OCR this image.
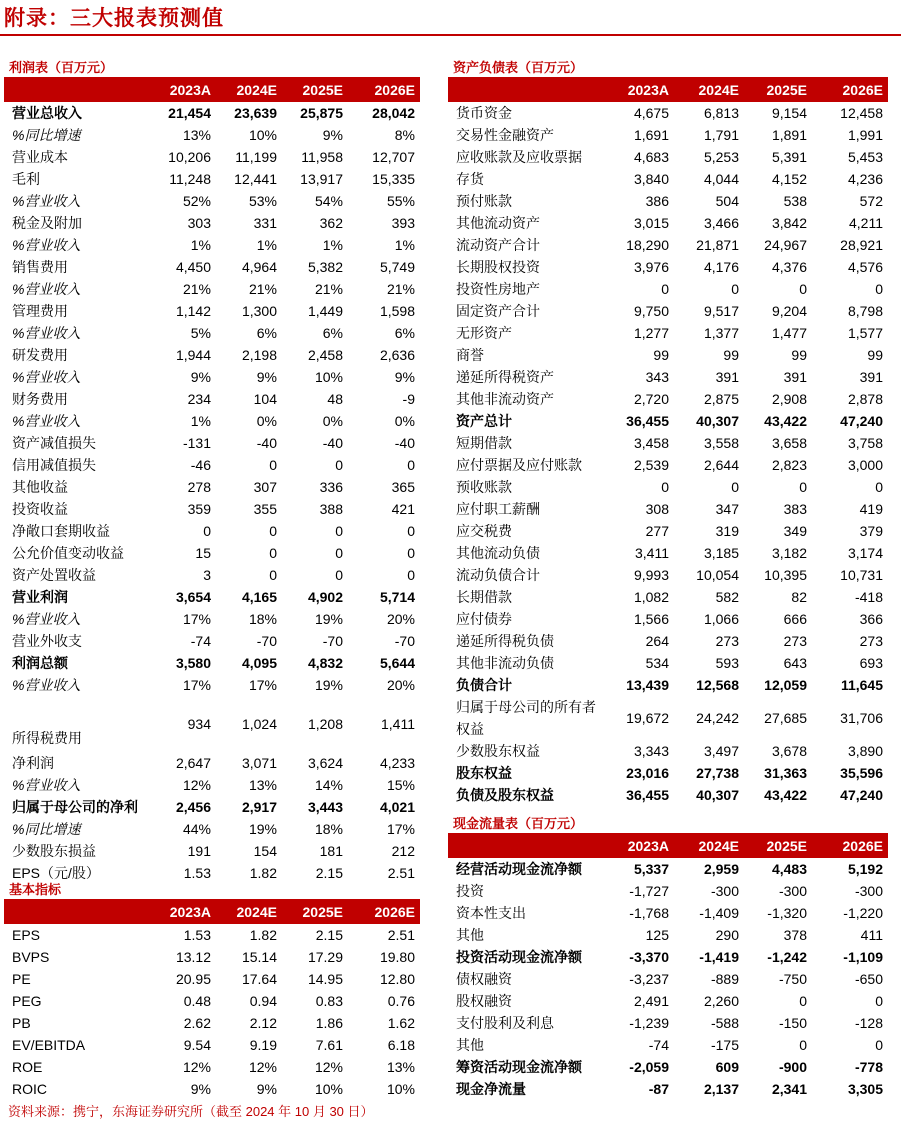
附录：三大报表预测值
利润表（百万元）
	2023A	2024E	2025E	2026E
营业总收入	21,454	23,639	25,875	28,042
%同比增速	13%	10%	9%	8%
营业成本	10,206	11,199	11,958	12,707
毛利	11,248	12,441	13,917	15,335
%营业收入	52%	53%	54%	55%
税金及附加	303	331	362	393
%营业收入	1%	1%	1%	1%
销售费用	4,450	4,964	5,382	5,749
%营业收入	21%	21%	21%	21%
管理费用	1,142	1,300	1,449	1,598
%营业收入	5%	6%	6%	6%
研发费用	1,944	2,198	2,458	2,636
%营业收入	9%	9%	10%	9%
财务费用	234	104	48	-9
%营业收入	1%	0%	0%	0%
资产减值损失	-131	-40	-40	-40
信用减值损失	-46	0	0	0
其他收益	278	307	336	365
投资收益	359	355	388	421
净敞口套期收益	0	0	0	0
公允价值变动收益	15	0	0	0
资产处置收益	3	0	0	0
营业利润	3,654	4,165	4,902	5,714
%营业收入	17%	18%	19%	20%
营业外收支	-74	-70	-70	-70
利润总额	3,580	4,095	4,832	5,644
%营业收入	17%	17%	19%	20%
所得税费用	934	1,024	1,208	1,411
净利润	2,647	3,071	3,624	4,233
%营业收入	12%	13%	14%	15%
归属于母公司的净利	2,456	2,917	3,443	4,021
%同比增速	44%	19%	18%	17%
少数股东损益	191	154	181	212
EPS（元/股）	1.53	1.82	2.15	2.51
基本指标
	2023A	2024E	2025E	2026E
EPS	1.53	1.82	2.15	2.51
BVPS	13.12	15.14	17.29	19.80
PE	20.95	17.64	14.95	12.80
PEG	0.48	0.94	0.83	0.76
PB	2.62	2.12	1.86	1.62
EV/EBITDA	9.54	9.19	7.61	6.18
ROE	12%	12%	12%	13%
ROIC	9%	9%	10%	10%
资产负债表（百万元）
	2023A	2024E	2025E	2026E
货币资金	4,675	6,813	9,154	12,458
交易性金融资产	1,691	1,791	1,891	1,991
应收账款及应收票据	4,683	5,253	5,391	5,453
存货	3,840	4,044	4,152	4,236
预付账款	386	504	538	572
其他流动资产	3,015	3,466	3,842	4,211
流动资产合计	18,290	21,871	24,967	28,921
长期股权投资	3,976	4,176	4,376	4,576
投资性房地产	0	0	0	0
固定资产合计	9,750	9,517	9,204	8,798
无形资产	1,277	1,377	1,477	1,577
商誉	99	99	99	99
递延所得税资产	343	391	391	391
其他非流动资产	2,720	2,875	2,908	2,878
资产总计	36,455	40,307	43,422	47,240
短期借款	3,458	3,558	3,658	3,758
应付票据及应付账款	2,539	2,644	2,823	3,000
预收账款	0	0	0	0
应付职工薪酬	308	347	383	419
应交税费	277	319	349	379
其他流动负债	3,411	3,185	3,182	3,174
流动负债合计	9,993	10,054	10,395	10,731
长期借款	1,082	582	82	-418
应付债券	1,566	1,066	666	366
递延所得税负债	264	273	273	273
其他非流动负债	534	593	643	693
负债合计	13,439	12,568	12,059	11,645
归属于母公司的所有者权益	19,672	24,242	27,685	31,706
少数股东权益	3,343	3,497	3,678	3,890
股东权益	23,016	27,738	31,363	35,596
负债及股东权益	36,455	40,307	43,422	47,240
现金流量表（百万元）
	2023A	2024E	2025E	2026E
经营活动现金流净额	5,337	2,959	4,483	5,192
投资	-1,727	-300	-300	-300
资本性支出	-1,768	-1,409	-1,320	-1,220
其他	125	290	378	411
投资活动现金流净额	-3,370	-1,419	-1,242	-1,109
债权融资	-3,237	-889	-750	-650
股权融资	2,491	2,260	0	0
支付股利及利息	-1,239	-588	-150	-128
其他	-74	-175	0	0
筹资活动现金流净额	-2,059	609	-900	-778
现金净流量	-87	2,137	2,341	3,305
资料来源：携宁，东海证券研究所（截至 2024 年 10 月 30 日）
